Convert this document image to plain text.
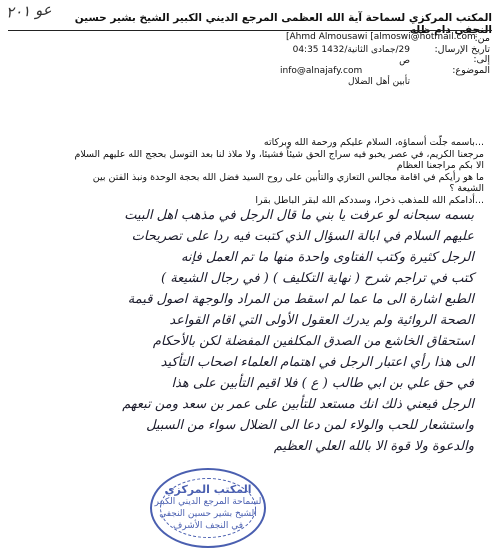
عو ٢٠١	المكتب المركزي لسماحة آية الله العظمى المرجع الديني الكبير الشيخ بشير حسين النجفي دام ظله
[Ahmd Almousawi [almoswi@hotmail.com
من:
تاريخ الإرسال:
إلى:
الموضوع:
29/جمادى الثانية/1432 04:35 ص
info@alnajafy.com
تأبين أهل الضلال
...باسمه جلّت أسماؤه، السلام عليكم ورحمة الله وبركاته
مرجعنا الكريم، في عصر يخبو فيه سراج الحق شيئاً فشيئا، ولا ملاذ لنا بعد التوسل بحجج الله عليهم السلام الا بكم مراجعنا العظام
ما هو رأيكم في اقامة مجالس التعازي والتأبين على روح السيد فضل الله بحجة الوحدة ونبذ الفتن بين الشيعة ؟
...أدامكم الله للمذهب ذخرا، وسددكم الله لبقر الباطل بقرا
بسمه سبحانه لو عرفت يا بني ما قال الرجل في مذهب اهل البيت
عليهم السلام في ابالة السؤال الذي كتبت فيه ردا على تصريحات
الرجل كثيرة وكتب الفتاوى واحدة منها ما تم العمل فإنه
كتب في تراجم شرح ( نهاية التكليف ) ( في رجال الشيعة )
الطبع اشارة الى ما عما لم اسقط من المراد والوجهة اصول قيمة
الصحة الروائية ولم يدرك العقول الأولى التي اقام القواعد
استحقاق الخاشع من الصدق المكلفين المفضلة لكن بالأحكام
الى هذا رأي اعتبار الرجل في اهتمام العلماء اصحاب التأكيد
في حق علي بن ابي طالب ( ع ) فلا اقيم التأبين على هذا
الرجل فيعني ذلك انك مستعد للتأبين على عمر بن سعد ومن تبعهم
واستشعار للحب والولاء لمن دعا الى الضلال سواء من السبيل
والدعوة ولا قوة الا بالله العلي العظيم
المكتب المركزي
لسماحة المرجع الديني الكبير
الشيخ بشير حسين النجفي
في النجف الأشرف
